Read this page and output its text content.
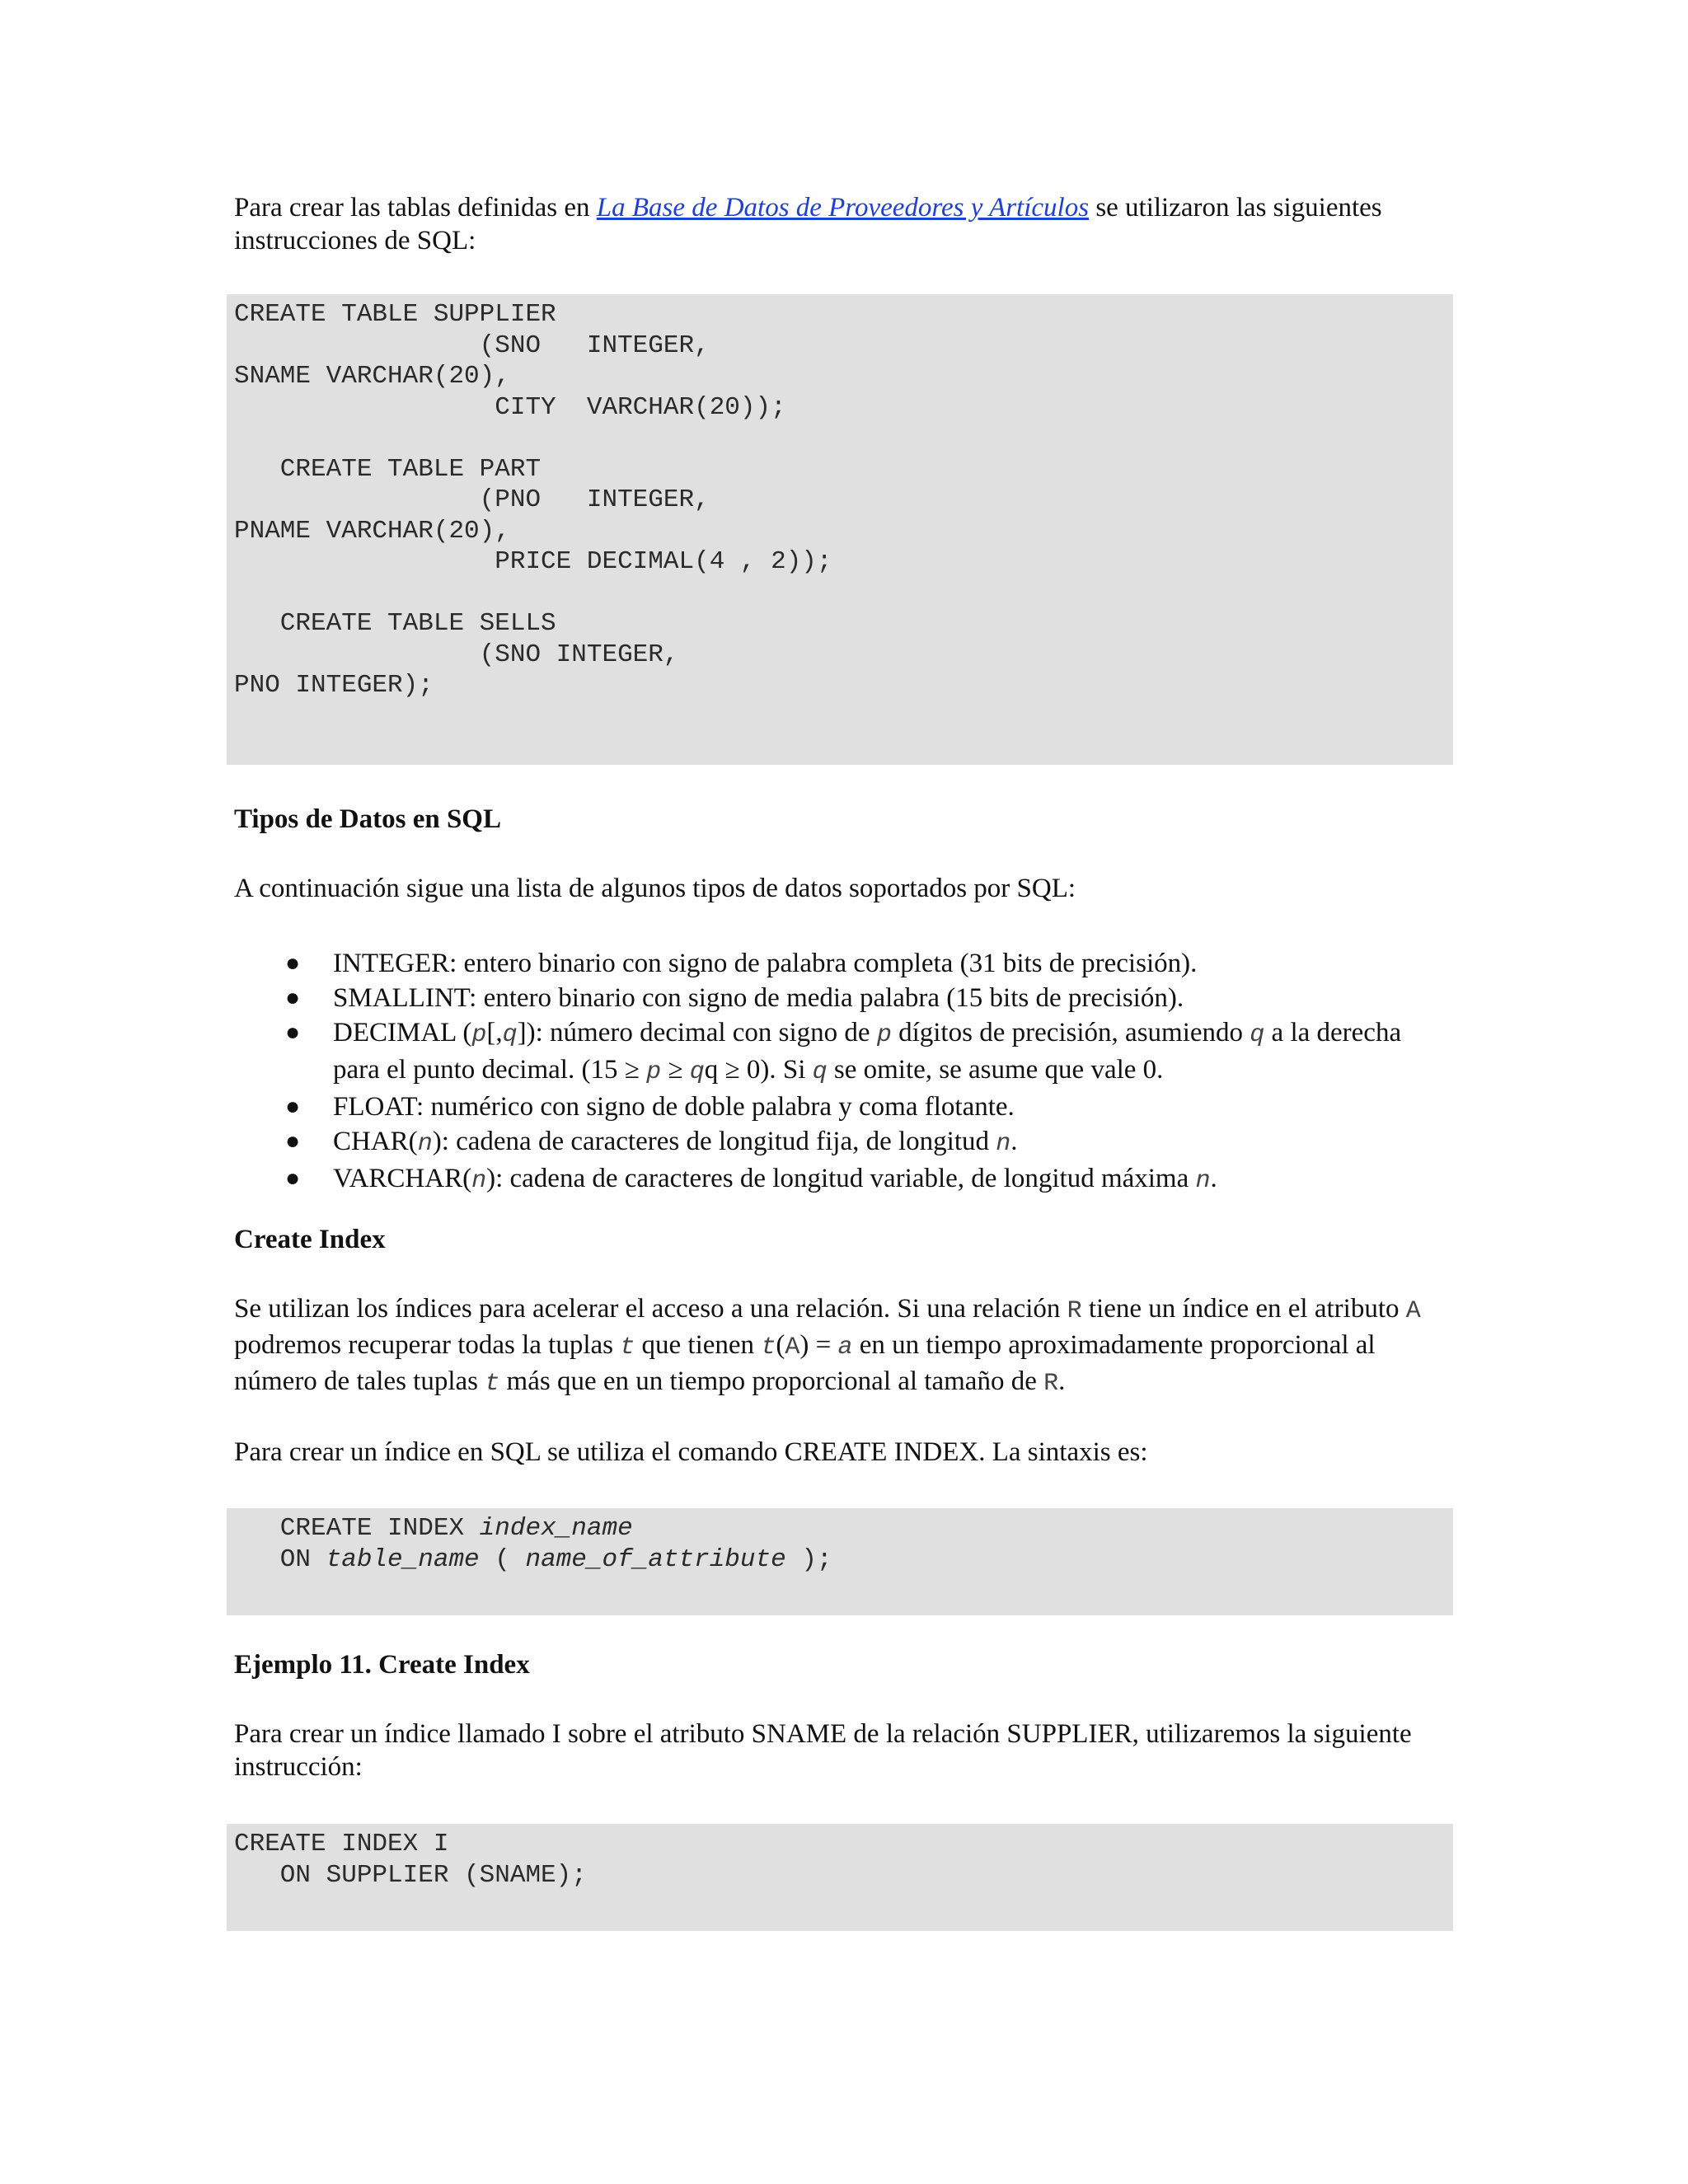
Para crear las tablas definidas en La Base de Datos de Proveedores y Artículos se utilizaron las siguientes instrucciones de SQL:

CREATE TABLE SUPPLIER
(SNO   INTEGER,
SNAME VARCHAR(20),
CITY  VARCHAR(20));

CREATE TABLE PART
(PNO   INTEGER,
PNAME VARCHAR(20),
PRICE DECIMAL(4 , 2));

CREATE TABLE SELLS
(SNO INTEGER,
PNO INTEGER);

Tipos de Datos en SQL

A continuación sigue una lista de algunos tipos de datos soportados por SQL:

● INTEGER: entero binario con signo de palabra completa (31 bits de precisión).
● SMALLINT: entero binario con signo de media palabra (15 bits de precisión).
● DECIMAL (p[,q]): número decimal con signo de p dígitos de precisión, asumiendo q a la derecha para el punto decimal. (15 ≥ p ≥ qq ≥ 0). Si q se omite, se asume que vale 0.
● FLOAT: numérico con signo de doble palabra y coma flotante.
● CHAR(n): cadena de caracteres de longitud fija, de longitud n.
● VARCHAR(n): cadena de caracteres de longitud variable, de longitud máxima n.

Create Index

Se utilizan los índices para acelerar el acceso a una relación. Si una relación R tiene un índice en el atributo A podremos recuperar todas la tuplas t que tienen t(A) = a en un tiempo aproximadamente proporcional al número de tales tuplas t más que en un tiempo proporcional al tamaño de R.

Para crear un índice en SQL se utiliza el comando CREATE INDEX. La sintaxis es:

CREATE INDEX index_name
ON table_name ( name_of_attribute );

Ejemplo 11. Create Index

Para crear un índice llamado I sobre el atributo SNAME de la relación SUPPLIER, utilizaremos la siguiente instrucción:

CREATE INDEX I
ON SUPPLIER (SNAME);
